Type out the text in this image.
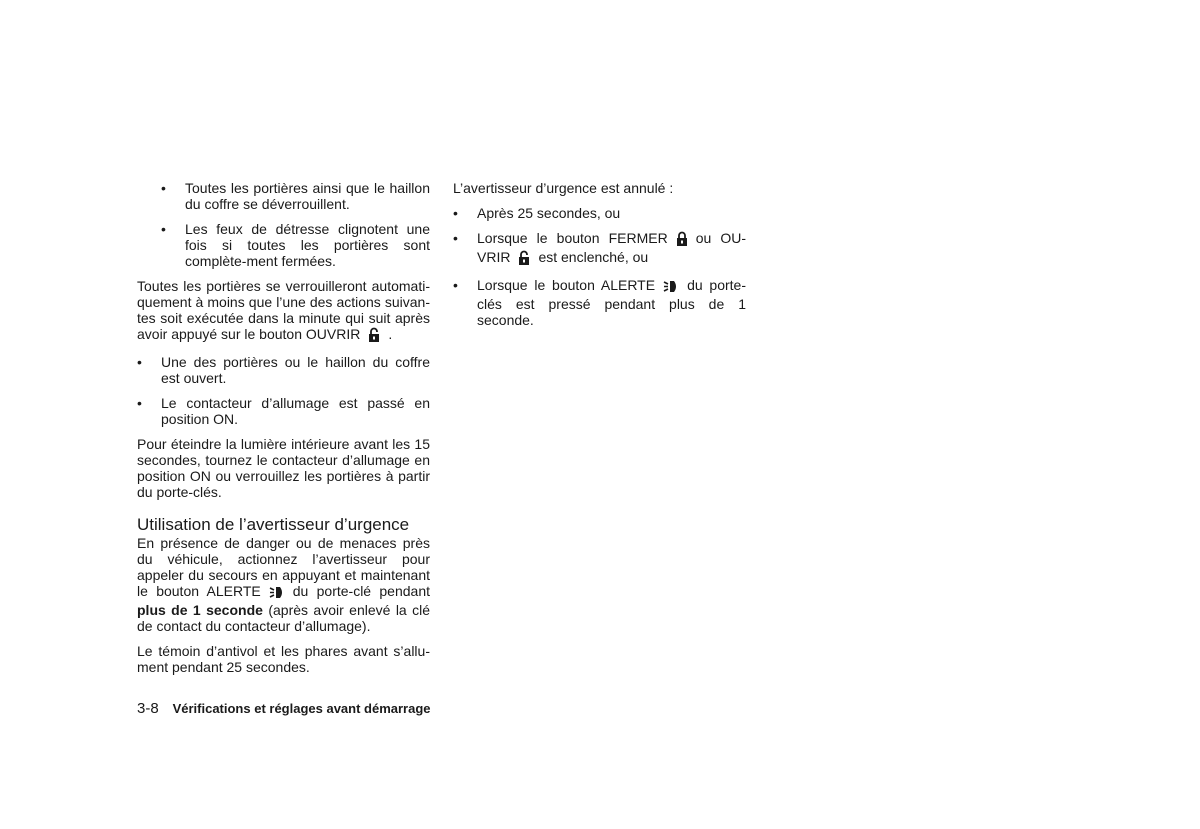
• Toutes les portières ainsi que le haillon du coffre se déverrouillent.
• Les feux de détresse clignotent une fois si toutes les portières sont complète-ment fermées.

Toutes les portières se verrouilleront automati-quement à moins que l’une des actions suivan-tes soit exécutée dans la minute qui suit après avoir appuyé sur le bouton OUVRIR .

• Une des portières ou le haillon du coffre est ouvert.
• Le contacteur d’allumage est passé en position ON.

Pour éteindre la lumière intérieure avant les 15 secondes, tournez le contacteur d’allumage en position ON ou verrouillez les portières à partir du porte-clés.

Utilisation de l’avertisseur d’urgence

En présence de danger ou de menaces près du véhicule, actionnez l’avertisseur pour appeler du secours en appuyant et maintenant le bouton ALERTE du porte-clé pendant plus de 1 seconde (après avoir enlevé la clé de contact du contacteur d’allumage).

Le témoin d’antivol et les phares avant s’allu-ment pendant 25 secondes.

L’avertisseur d’urgence est annulé :

• Après 25 secondes, ou
• Lorsque le bouton FERMER ou OU-VRIR est enclenché, ou
• Lorsque le bouton ALERTE du porte-clés est pressé pendant plus de 1 seconde.
3-8 Vérifications et réglages avant démarrage
